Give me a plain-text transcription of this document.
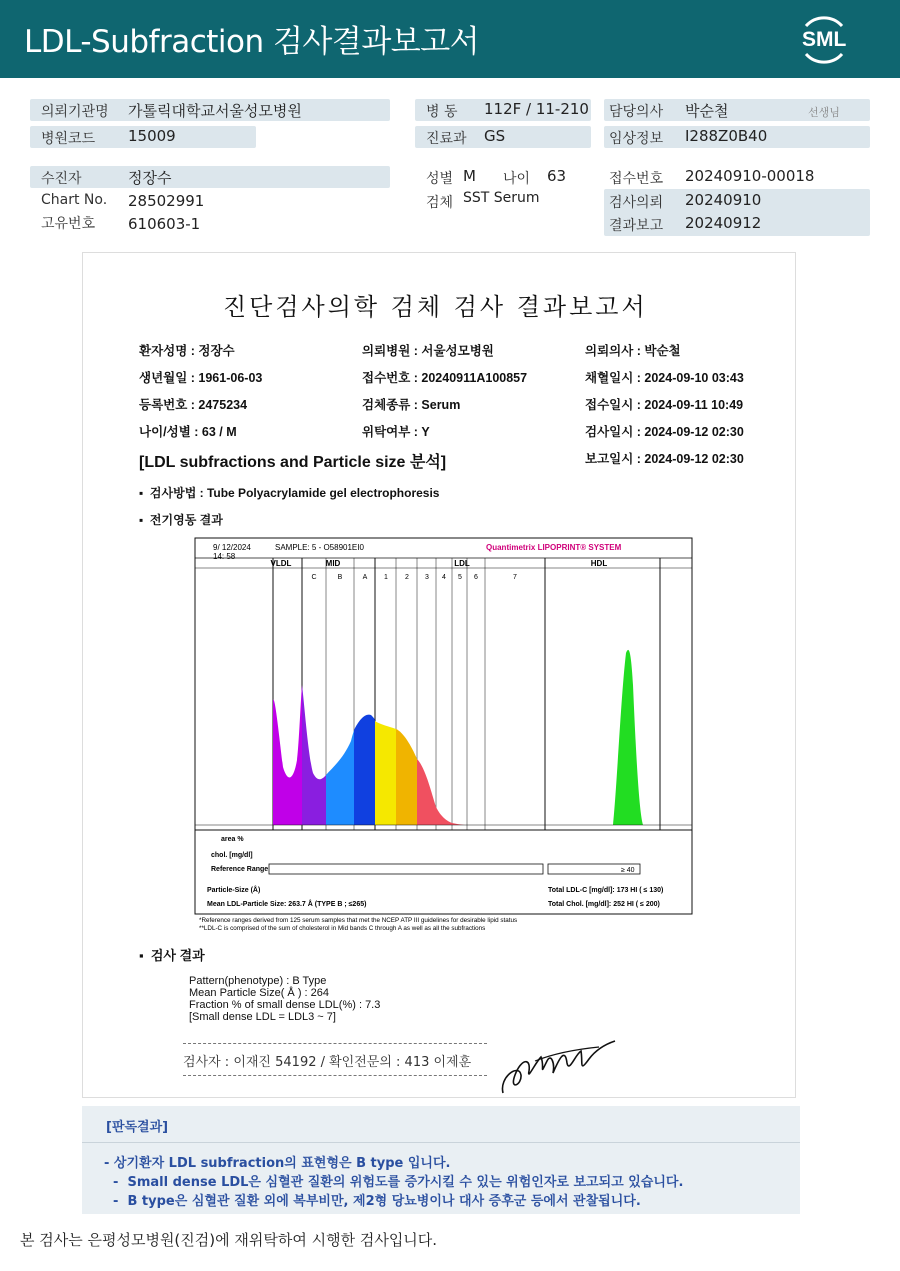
LDL-Subfraction 검사결과보고서	SML
의뢰기관명 가톨릭대학교서울성모병원
병원코드 15009
병 동 112F / 11-210
진료과 GS
담당의사 박순철	선생님
임상정보 I288Z0B40
수진자	정장수
Chart No. 28502991
고유번호 610603-1
성별 M 나이 63
검체 SST Serum
접수번호 20240910-00018
검사의뢰 20240910
결과보고 20240912
진단검사의학 검체 검사 결과보고서
환자성명 : 정장수	의뢰병원 : 서울성모병원	의뢰의사 : 박순철
생년월일 : 1961-06-03	접수번호 : 20240911A100857	채혈일시 : 2024-09-10 03:43
등록번호 : 2475234	검체종류 : Serum	접수일시 : 2024-09-11 10:49
나이/성별 : 63 / M	위탁여부 : Y	검사일시 : 2024-09-12 02:30
보고일시 : 2024-09-12 02:30
[LDL subfractions and Particle size 분석]
▪  검사방법 : Tube Polyacrylamide gel electrophoresis
▪  전기영동 결과
9/ 12/2024
14: 58
SAMPLE: 5 - O58901EI0	Quantimetrix LIPOPRINT® SYSTEM
VLDL	MID	LDL	HDL
C	B	A 1 2 3 4 5 6	7
area %
chol. [mg/dl]
Reference Range
Particle-Size (Å)
Mean LDL-Particle Size: 263.7 Å (TYPE B ; ≤265)
Total LDL-C [mg/dl]: 173 HI ( ≤ 130)
Total Chol. [mg/dl]: 252 HI ( ≤ 200)
≥ 40
*Reference ranges derived from 125 serum samples that met the NCEP ATP III guidelines for desirable lipid status
**LDL-C is comprised of the sum of cholesterol in Mid bands C through A as well as all the subfractions
▪  검사 결과
Pattern(phenotype) : B Type
Mean Particle Size( Å ) : 264
Fraction % of small dense LDL(%) : 7.3
[Small dense LDL = LDL3 ~ 7]
검사자 : 이재진 54192 / 확인전문의 : 413 이제훈
[판독결과]
- 상기환자 LDL subfraction의 표현형은 B type 입니다.
-  Small dense LDL은 심혈관 질환의 위험도를 증가시킬 수 있는 위험인자로 보고되고 있습니다.
-  B type은 심혈관 질환 외에 복부비만, 제2형 당뇨병이나 대사 증후군 등에서 관찰됩니다.
본 검사는 은평성모병원(진검)에 재위탁하여 시행한 검사입니다.
